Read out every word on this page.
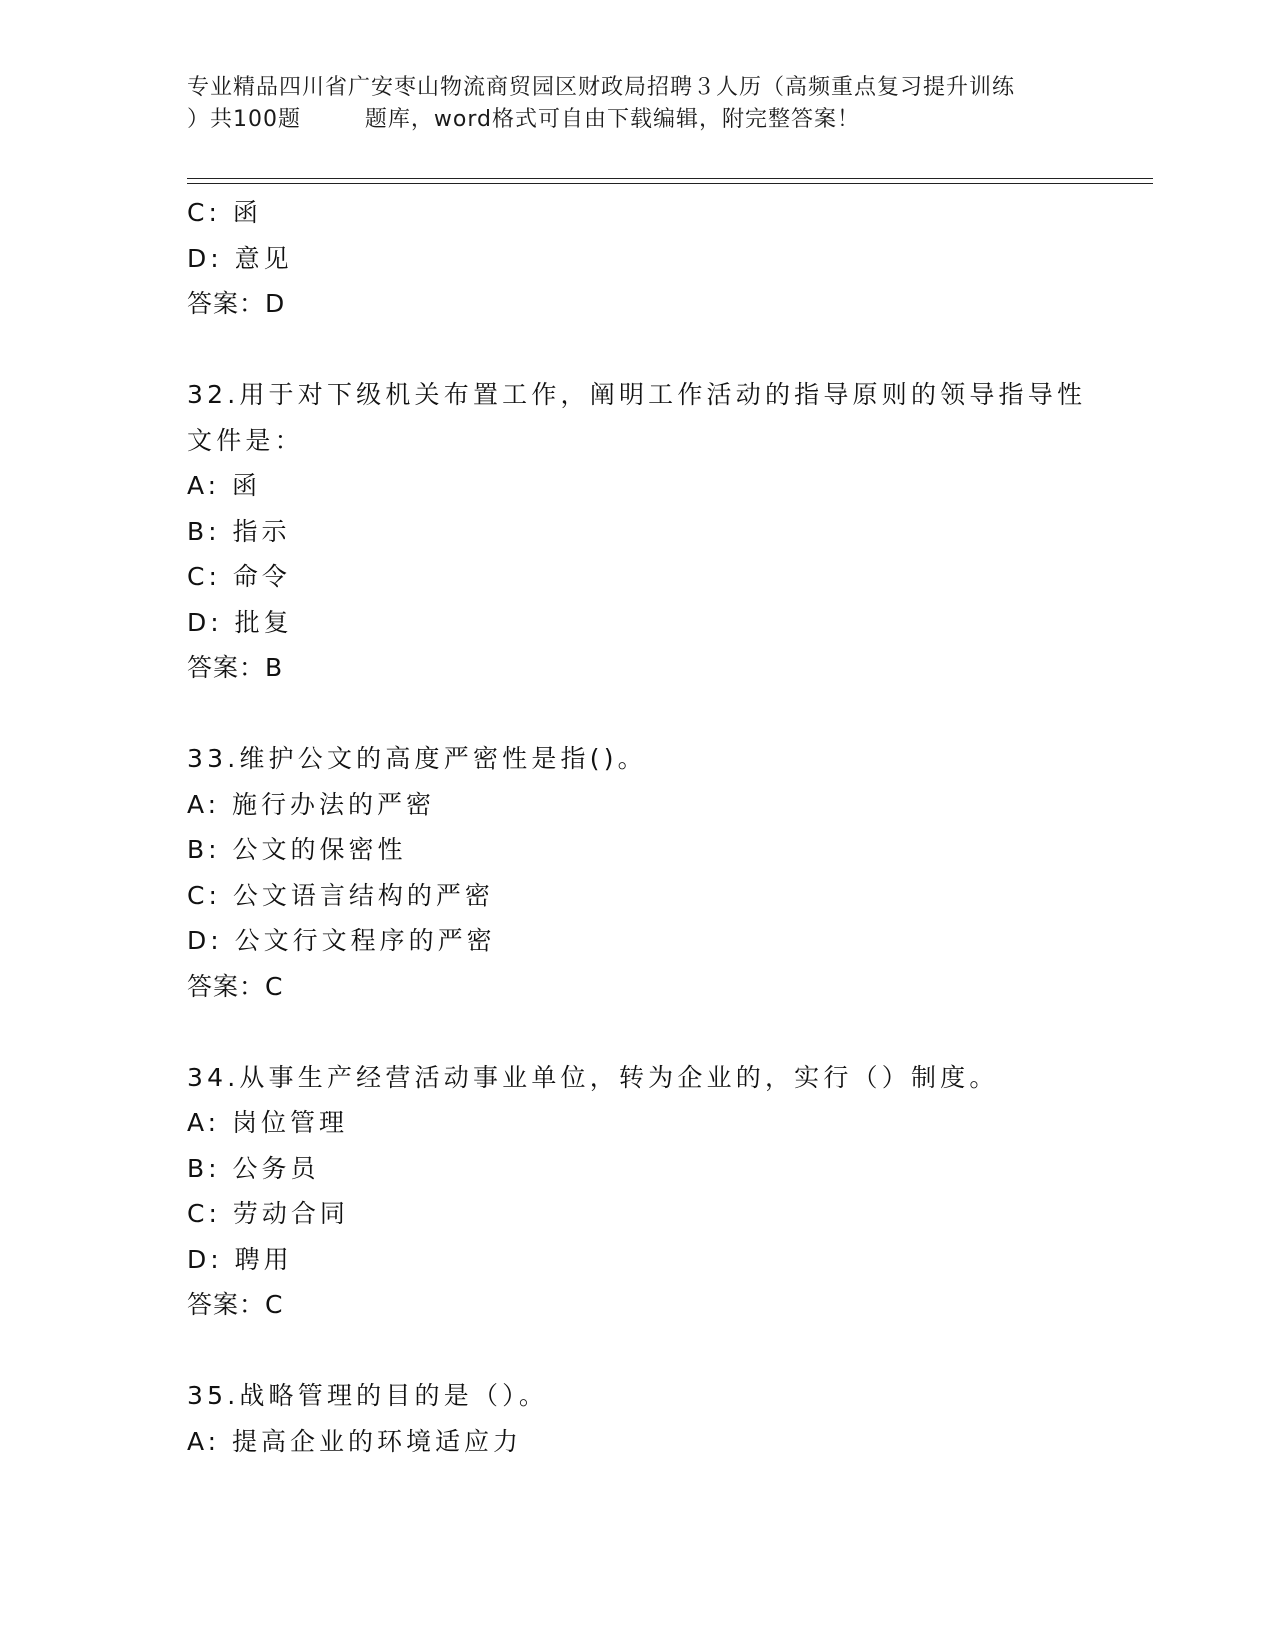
专业精品四川省广安枣山物流商贸园区财政局招聘３人历（高频重点复习提升训练
）共100题        题库，word格式可自由下载编辑，附完整答案！
C: 函
D: 意见
答案：D
32.用于对下级机关布置工作，阐明工作活动的指导原则的领导指导性
文件是：
A: 函
B: 指示
C: 命令
D: 批复
答案：B
33.维护公文的高度严密性是指()。
A: 施行办法的严密
B: 公文的保密性
C: 公文语言结构的严密
D: 公文行文程序的严密
答案：C
34.从事生产经营活动事业单位，转为企业的，实行（）制度。
A: 岗位管理
B: 公务员
C: 劳动合同
D: 聘用
答案：C
35.战略管理的目的是（）。
A: 提高企业的环境适应力
